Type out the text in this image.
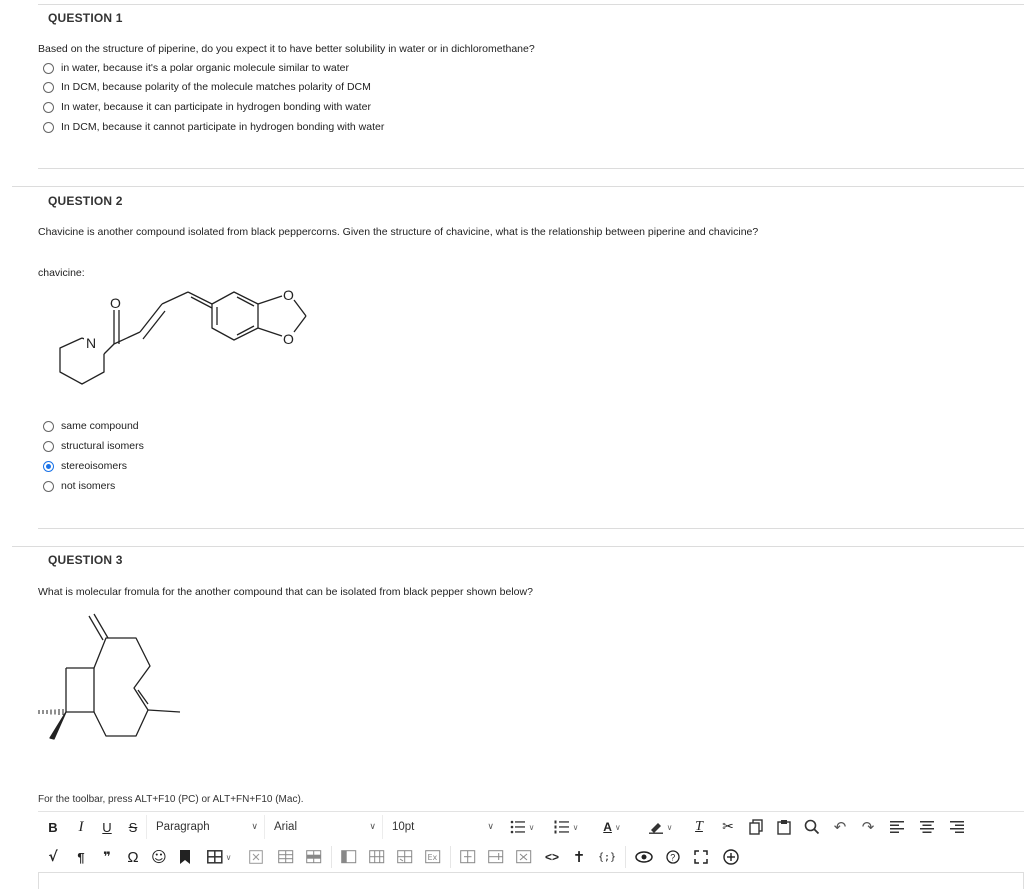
QUESTION 1
Based on the structure of piperine, do you expect it to have better solubility in water or in dichloromethane?
in water, because it's a polar organic molecule similar to water
In DCM, because polarity of the molecule matches polarity of DCM
In water, because it can participate in hydrogen bonding with water
In DCM, because it cannot participate in hydrogen bonding with water
QUESTION 2
Chavicine is another compound isolated from black peppercorns. Given the structure of chavicine, what is the relationship between piperine and chavicine?
chavicine:
N
O	O
O
same compound
structural isomers
stereoisomers
not isomers
QUESTION 3
What is molecular fromula for the another compound that can be isolated from black pepper shown below?
For the toolbar, press ALT+F10 (PC) or ALT+FN+F10 (Mac).
B	I	U	S	Paragraph	∨ Arial	∨ 10pt	∨	∨	∨ A ∨	∨	T	✂	↶	↷
√	¶	❞	Ω ☺	∨	Ex	<> ✝	{;}	?
